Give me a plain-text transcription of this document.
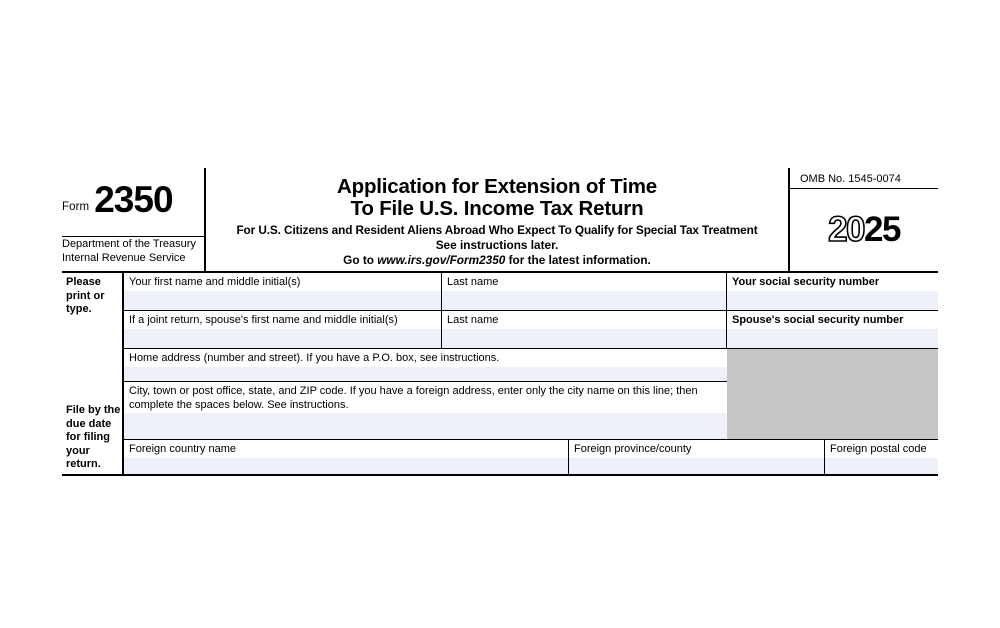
Form 2350
Department of the Treasury
Internal Revenue Service
Application for Extension of Time
To File U.S. Income Tax Return
For U.S. Citizens and Resident Aliens Abroad Who Expect To Qualify for Special Tax Treatment
See instructions later.
Go to www.irs.gov/Form2350 for the latest information.
OMB No. 1545-0074
2025
Please print or type.
File by the due date for filing your return.
Your first name and middle initial(s)	Last name	Your social security number
If a joint return, spouse's first name and middle initial(s)	Last name	Spouse's social security number
Home address (number and street). If you have a P.O. box, see instructions.
City, town or post office, state, and ZIP code. If you have a foreign address, enter only the city name on this line; then complete the spaces below. See instructions.
Foreign country name	Foreign province/county	Foreign postal code
